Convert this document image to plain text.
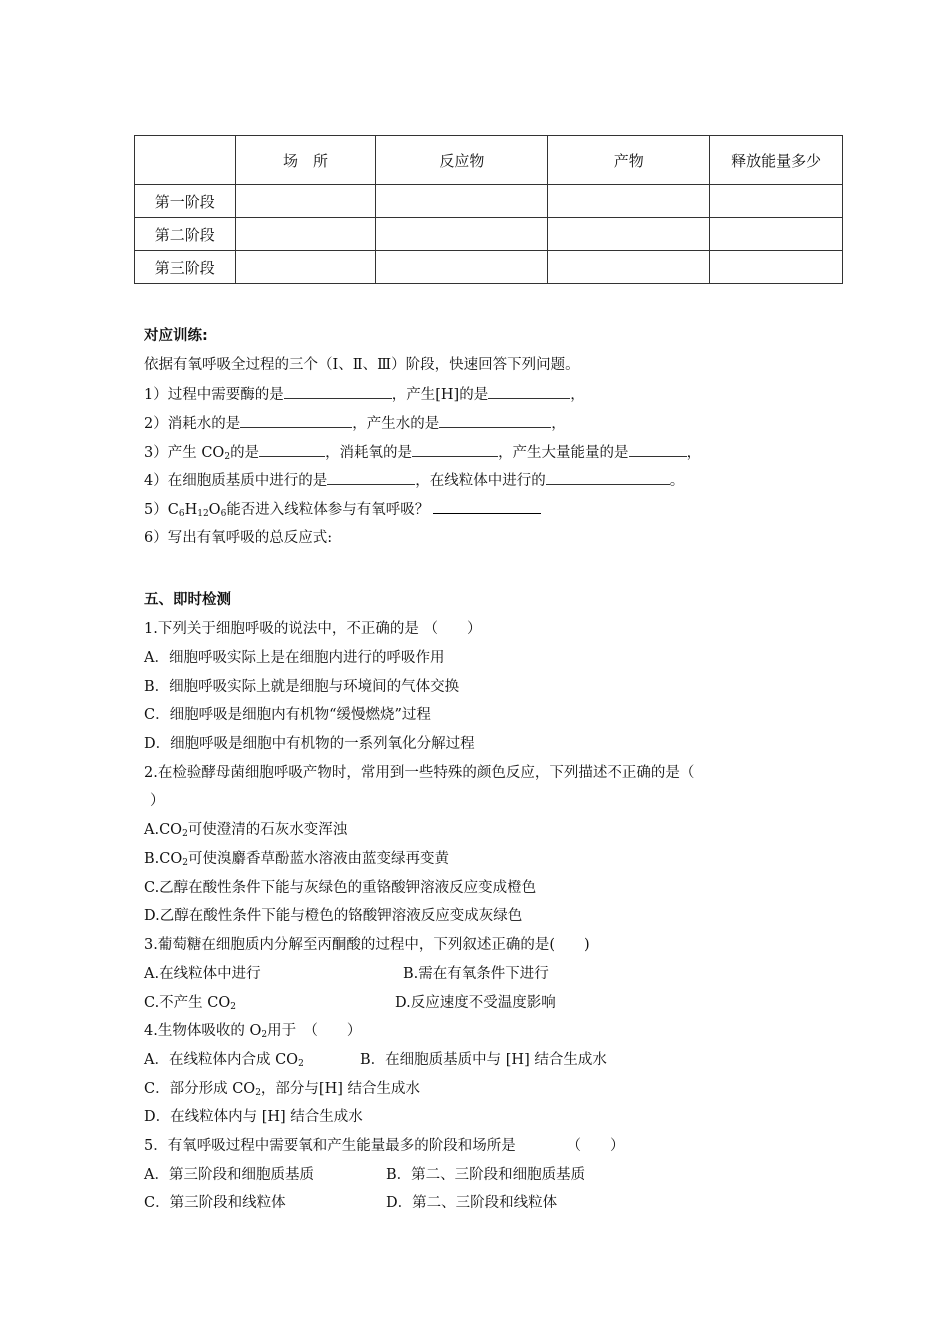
	场　所	反应物	产物	释放能量多少
第一阶段				
第二阶段				
第三阶段				
对应训练:
依据有氧呼吸全过程的三个（Ⅰ、Ⅱ、Ⅲ）阶段，快速回答下列问题。
1）过程中需要酶的是	，产生[H]的是	，
2）消耗水的是	，产生水的是	，
3）产生 $CO_2$的是	，消耗氧的是	，产生大量能量的是	，
4）在细胞质基质中进行的是	，在线粒体中进行的	。
$5)C_6H_{12}O_6$能否进入线粒体参与有氧呼吸？
6）写出有氧呼吸的总反应式:
五、即时检测
1.下列关于细胞呼吸的说法中，不正确的是 （　　）
A．细胞呼吸实际上是在细胞内进行的呼吸作用
B．细胞呼吸实际上就是细胞与环境间的气体交换
C．细胞呼吸是细胞内有机物“缓慢燃烧”过程
D．细胞呼吸是细胞中有机物的一系列氧化分解过程
2.在检验酵母菌细胞呼吸产物时，常用到一些特殊的颜色反应，下列描述不正确的是（
）
$A.CO_2$可使澄清的石灰水变浑浊
$B.CO_2$可使溴麝香草酚蓝水溶液由蓝变绿再变黄
C.乙醇在酸性条件下能与灰绿色的重铬酸钾溶液反应变成橙色
D.乙醇在酸性条件下能与橙色的铬酸钾溶液反应变成灰绿色
3.葡萄糖在细胞质内分解至丙酮酸的过程中，下列叙述正确的是(　　)
A.在线粒体中进行	B.需在有氧条件下进行
C.不产生 $CO_2$	D.反应速度不受温度影响
4.生物体吸收的 $O_2$用于　（　　）
A．在线粒体内合成 $CO_2$	B．在细胞质基质中与 [H] 结合生成水
C．部分形成 $CO_2$，部分与[H] 结合生成水
D．在线粒体内与 [H] 结合生成水
5．有氧呼吸过程中需要氧和产生能量最多的阶段和场所是　　　　（　　）
A．第三阶段和细胞质基质	B．第二、三阶段和细胞质基质
C．第三阶段和线粒体	D．第二、三阶段和线粒体
